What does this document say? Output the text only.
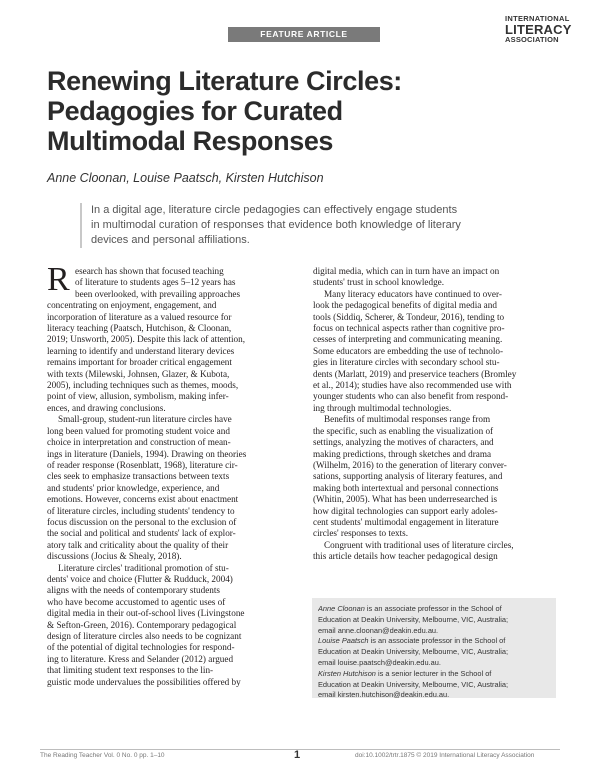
FEATURE ARTICLE
INTERNATIONAL
LITERACY
ASSOCIATION
Renewing Literature Circles:
Pedagogies for Curated
Multimodal Responses
Anne Cloonan, Louise Paatsch, Kirsten Hutchison
In a digital age, literature circle pedagogies can effectively engage students
in multimodal curation of responses that evidence both knowledge of literary
devices and personal affiliations.
R esearch has shown that focused teaching
of literature to students ages 5–12 years has
been overlooked, with prevailing approaches
concentrating on enjoyment, engagement, and
incorporation of literature as a valued resource for
literacy teaching (Paatsch, Hutchison, & Cloonan,
2019; Unsworth, 2005). Despite this lack of attention,
learning to identify and understand literary devices
remains important for broader critical engagement
with texts (Milewski, Johnsen, Glazer, & Kubota,
2005), including techniques such as themes, moods,
point of view, allusion, symbolism, making infer-
ences, and drawing conclusions.
Small-group, student-run literature circles have
long been valued for promoting student voice and
choice in interpretation and construction of mean-
ings in literature (Daniels, 1994). Drawing on theories
of reader response (Rosenblatt, 1968), literature cir-
cles seek to emphasize transactions between texts
and students' prior knowledge, experience, and
emotions. However, concerns exist about enactment
of literature circles, including students' tendency to
focus discussion on the personal to the exclusion of
the social and political and students' lack of explor-
atory talk and criticality about the quality of their
discussions (Jocius & Shealy, 2018).
Literature circles' traditional promotion of stu-
dents' voice and choice (Flutter & Rudduck, 2004)
aligns with the needs of contemporary students
who have become accustomed to agentic uses of
digital media in their out-of-school lives (Livingstone
& Sefton-Green, 2016). Contemporary pedagogical
design of literature circles also needs to be cognizant
of the potential of digital technologies for respond-
ing to literature. Kress and Selander (2012) argued
that limiting student text responses to the lin-
guistic mode undervalues the possibilities offered by
digital media, which can in turn have an impact on
students' trust in school knowledge.
Many literacy educators have continued to over-
look the pedagogical benefits of digital media and
tools (Siddiq, Scherer, & Tondeur, 2016), tending to
focus on technical aspects rather than cognitive pro-
cesses of interpreting and communicating meaning.
Some educators are embedding the use of technolo-
gies in literature circles with secondary school stu-
dents (Marlatt, 2019) and preservice teachers (Bromley
et al., 2014); studies have also recommended use with
younger students who can also benefit from respond-
ing through multimodal technologies.
Benefits of multimodal responses range from
the specific, such as enabling the visualization of
settings, analyzing the motives of characters, and
making predictions, through sketches and drama
(Wilhelm, 2016) to the generation of literary conver-
sations, supporting analysis of literary features, and
making both intertextual and personal connections
(Whitin, 2005). What has been underresearched is
how digital technologies can support early adoles-
cent students' multimodal engagement in literature
circles' responses to texts.
Congruent with traditional uses of literature circles,
this article details how teacher pedagogical design
Anne Cloonan is an associate professor in the School of
Education at Deakin University, Melbourne, VIC, Australia;
email anne.cloonan@deakin.edu.au.
Louise Paatsch is an associate professor in the School of
Education at Deakin University, Melbourne, VIC, Australia;
email louise.paatsch@deakin.edu.au.
Kirsten Hutchison is a senior lecturer in the School of
Education at Deakin University, Melbourne, VIC, Australia;
email kirsten.hutchison@deakin.edu.au.
The Reading Teacher Vol. 0 No. 0 pp. 1–10	1	doi:10.1002/trtr.1875 © 2019 International Literacy Association
